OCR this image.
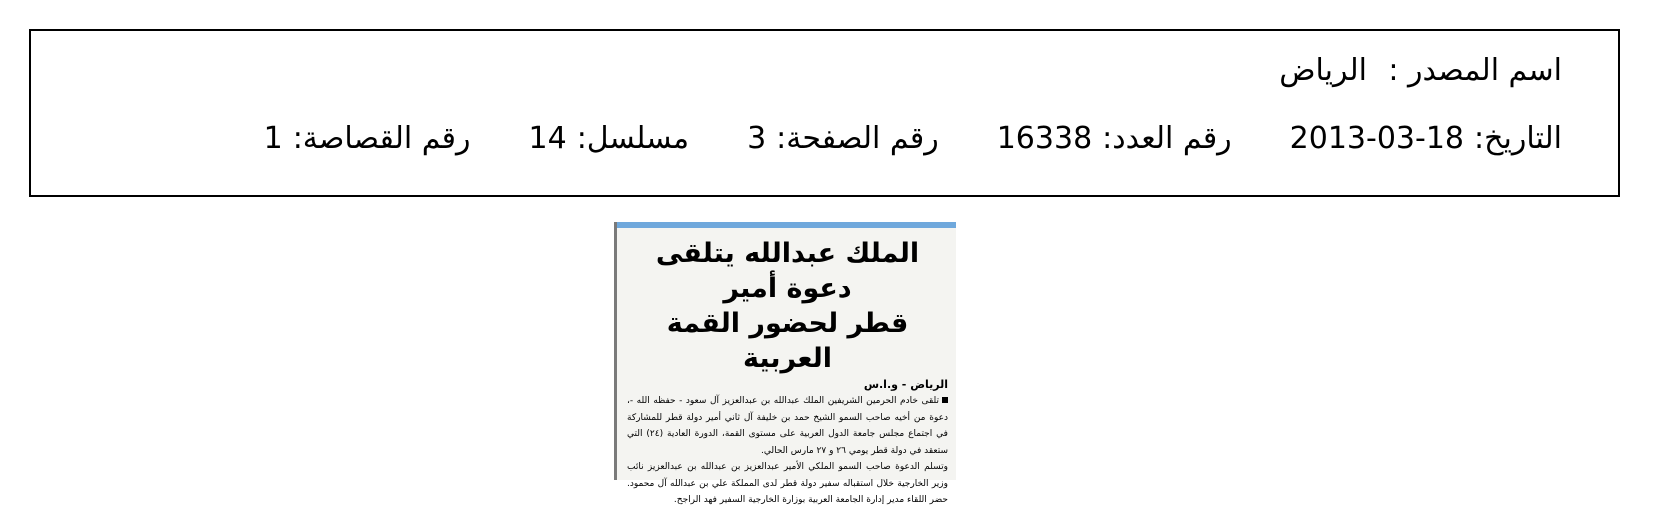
اسم المصدر :
الرياض
التاريخ:
2013-03-18
رقم العدد:
16338
رقم الصفحة:
3
مسلسل:
14
رقم القصاصة:
1
الملك عبدالله يتلقى دعوة أمير
قطر لحضور القمة العربية
الرياض - و.ا.س

تلقى خادم الحرمين الشريفين الملك عبدالله بن عبدالعزيز آل سعود - حفظه الله -، دعوة من أخيه صاحب السمو الشيخ حمد بن خليفة آل ثاني أمير دولة قطر للمشاركة في اجتماع مجلس جامعة الدول العربية على مستوى القمة، الدورة العادية (٢٤) التي ستعقد في دولة قطر يومي ٢٦ و ٢٧ مارس الحالي.

وتسلم الدعوة صاحب السمو الملكي الأمير عبدالعزيز بن عبدالله بن عبدالعزيز نائب وزير الخارجية خلال استقباله سفير دولة قطر لدى المملكة علي بن عبدالله آل محمود. حضر اللقاء مدير إدارة الجامعة العربية بوزارة الخارجية السفير فهد الراجح.
